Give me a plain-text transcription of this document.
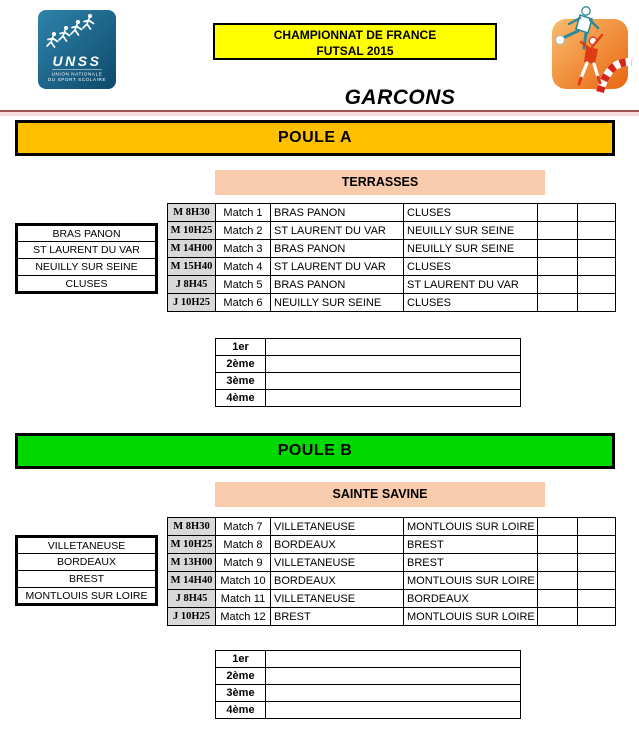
UNSS
UNION NATIONALE
DU SPORT SCOLAIRE
CHAMPIONNAT DE FRANCE
FUTSAL 2015
GARCONS
POULE A
TERRASSES
BRAS PANON
ST LAURENT DU VAR
NEUILLY SUR SEINE
CLUSES
M 8H30	Match 1	BRAS PANON	CLUSES		
M 10H25	Match 2	ST LAURENT DU VAR	NEUILLY SUR SEINE		
M 14H00	Match 3	BRAS PANON	NEUILLY SUR SEINE		
M 15H40	Match 4	ST LAURENT DU VAR	CLUSES		
J 8H45	Match 5	BRAS PANON	ST LAURENT DU VAR		
J 10H25	Match 6	NEUILLY SUR SEINE	CLUSES		
1er	
2ème	
3ème	
4ème	
POULE B
SAINTE SAVINE
VILLETANEUSE
BORDEAUX
BREST
MONTLOUIS SUR LOIRE
M 8H30	Match 7	VILLETANEUSE	MONTLOUIS SUR LOIRE		
M 10H25	Match 8	BORDEAUX	BREST		
M 13H00	Match 9	VILLETANEUSE	BREST		
M 14H40	Match 10	BORDEAUX	MONTLOUIS SUR LOIRE		
J 8H45	Match 11	VILLETANEUSE	BORDEAUX		
J 10H25	Match 12	BREST	MONTLOUIS SUR LOIRE		
1er	
2ème	
3ème	
4ème	
